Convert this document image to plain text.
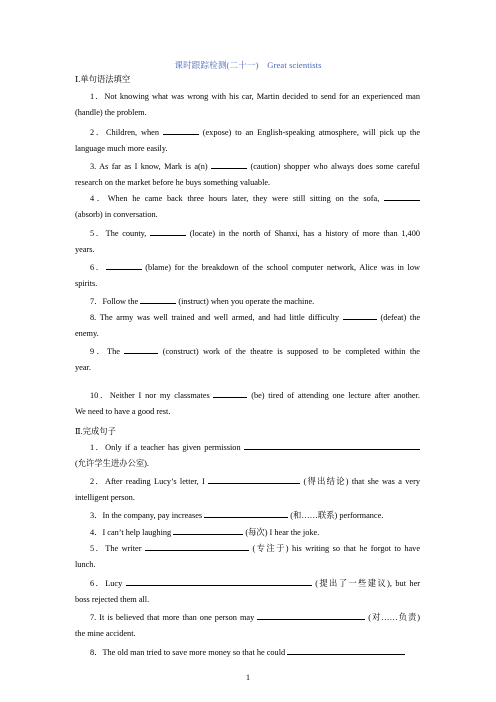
课时跟踪检测(二十一)　Great scientists
Ⅰ.单句语法填空
1．Not knowing what was wrong with his car, Martin decided to send for an experienced man
(handle) the problem.
2．Children, when	(expose) to an English-speaking atmosphere, will pick up the
language much more easily.
3. As far as I know, Mark is a(n)	(caution) shopper who always does some careful
research on the market before he buys something valuable.
4．When he came back three hours later, they were still sitting on the sofa,
(absorb) in conversation.
5．The county,	(locate) in the north of Shanxi, has a history of more than 1,400
years.
6．	(blame) for the breakdown of the school computer network, Alice was in low
spirits.
7．Follow the	(instruct) when you operate the machine.
8. The army was well trained and well armed, and had little difficulty	(defeat) the
enemy.
9．The	(construct) work of the theatre is supposed to be completed within the
year.
10．Neither I nor my classmates	(be) tired of attending one lecture after another.
We need to have a good rest.
Ⅱ.完成句子
1．Only if a teacher has given permission
(允许学生进办公室).
2．After reading Lucy’s letter, I	(得出结论) that she was a very
intelligent person.
3．In the company, pay increases	(和……联系) performance.
4．I can’t help laughing	(每次) I hear the joke.
5．The writer	(专注于) his writing so that he forgot to have
lunch.
6．Lucy	(提出了一些建议), but her
boss rejected them all.
7. It is believed that more than one person may	(对……负责)
the mine accident.
8．The old man tried to save more money so that he could
1
